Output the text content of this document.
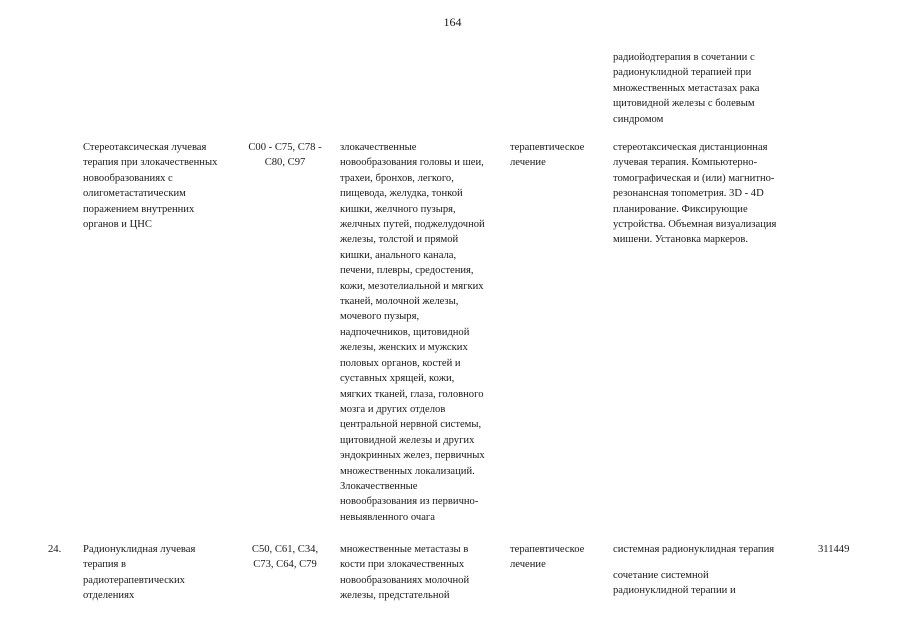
164
радиойодтерапия в сочетании с
радионуклидной терапией при
множественных метастазах рака
щитовидной железы с болевым
синдромом
Стереотаксическая лучевая
терапия при злокачественных
новообразованиях с
олигометастатическим
поражением внутренних
органов и ЦНС
С00 - С75, С78 -
С80, С97
злокачественные
новообразования головы и шеи,
трахеи, бронхов, легкого,
пищевода, желудка, тонкой
кишки, желчного пузыря,
желчных путей, поджелудочной
железы, толстой и прямой
кишки, анального канала,
печени, плевры, средостения,
кожи, мезотелиальной и мягких
тканей, молочной железы,
мочевого пузыря,
надпочечников, щитовидной
железы, женских и мужских
половых органов, костей и
суставных хрящей, кожи,
мягких тканей, глаза, головного
мозга и других отделов
центральной нервной системы,
щитовидной железы и других
эндокринных желез, первичных
множественных локализаций.
Злокачественные
новообразования из первично-
невыявленного очага
терапевтическое
лечение
стереотаксическая дистанционная
лучевая терапия. Компьютерно-
томографическая и (или) магнитно-
резонансная топометрия. 3D - 4D
планирование. Фиксирующие
устройства. Объемная визуализация
мишени. Установка маркеров.
24. Радионуклидная лучевая
терапия в
радиотерапевтических
отделениях
С50, С61, С34,
С73, С64, С79
множественные метастазы в
кости при злокачественных
новообразованиях молочной
железы, предстательной
терапевтическое
лечение
системная радионуклидная терапия
сочетание системной
радионуклидной терапии и
311449
